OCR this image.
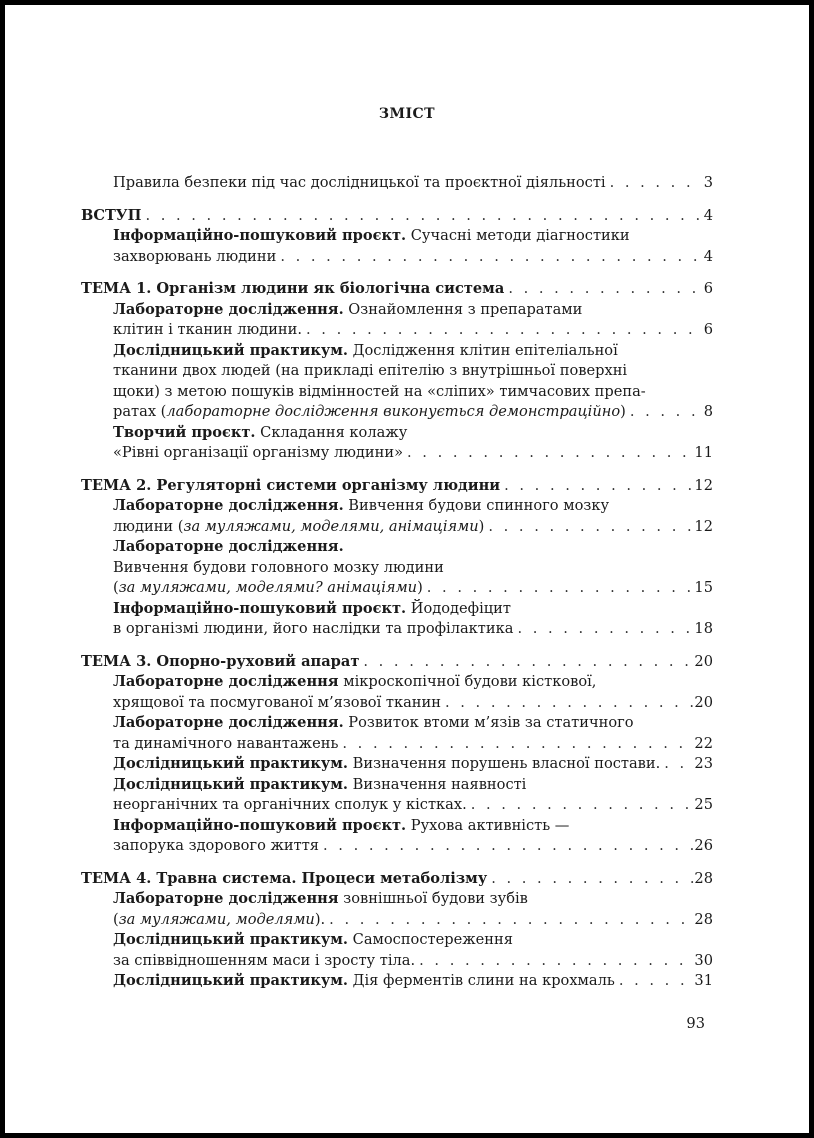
ЗМІСТ
Правила безпеки під час дослідницької та проєктної діяльності . . .	3
ВСТУП . . .	4
Інформаційно-пошуковий проєкт. Сучасні методи діагностики
захворювань людини . . .	4
ТЕМА 1. Організм людини як біологічна система . . .	6
Лабораторне дослідження. Ознайомлення з препаратами
клітин і тканин людини. . . .	6
Дослідницький практикум. Дослідження клітин епітеліальної
тканини двох людей (на прикладі епітелію з внутрішньої поверхні
щоки) з метою пошуків відмінностей на «сліпих» тимчасових препа-
ратах (лабораторне дослідження виконується демонстраційно) . . .	8
Творчий проєкт. Складання колажу
«Рівні організації організму людини» . . .	11
ТЕМА 2. Регуляторні системи організму людини . . .	12
Лабораторне дослідження. Вивчення будови спинного мозку
людини (за муляжами, моделями, анімаціями) . . .	12
Лабораторне дослідження.
Вивчення будови головного мозку людини
(за муляжами, моделями? анімаціями) . . .	15
Інформаційно-пошуковий проєкт. Йододефіцит
в організмі людини, його наслідки та профілактика . . .	18
ТЕМА 3. Опорно-руховий апарат . . .	20
Лабораторне дослідження мікроскопічної будови кісткової,
хрящової та посмугованої м’язової тканин . . .	20
Лабораторне дослідження. Розвиток втоми м’язів за статичного
та динамічного навантажень . . .	22
Дослідницький практикум. Визначення порушень власної постави. . . . 23
Дослідницький практикум. Визначення наявності
неорганічних та органічних сполук у кістках. . . .	25
Інформаційно-пошуковий проєкт. Рухова активність —
запорука здорового життя . . .	26
ТЕМА 4. Травна система. Процеси метаболізму . . .	28
Лабораторне дослідження зовнішньої будови зубів
(за муляжами, моделями). . . .	28
Дослідницький практикум. Самоспостереження
за співвідношенням маси і зросту тіла. . . .	30
Дослідницький практикум. Дія ферментів слини на крохмаль . . .	31
93
